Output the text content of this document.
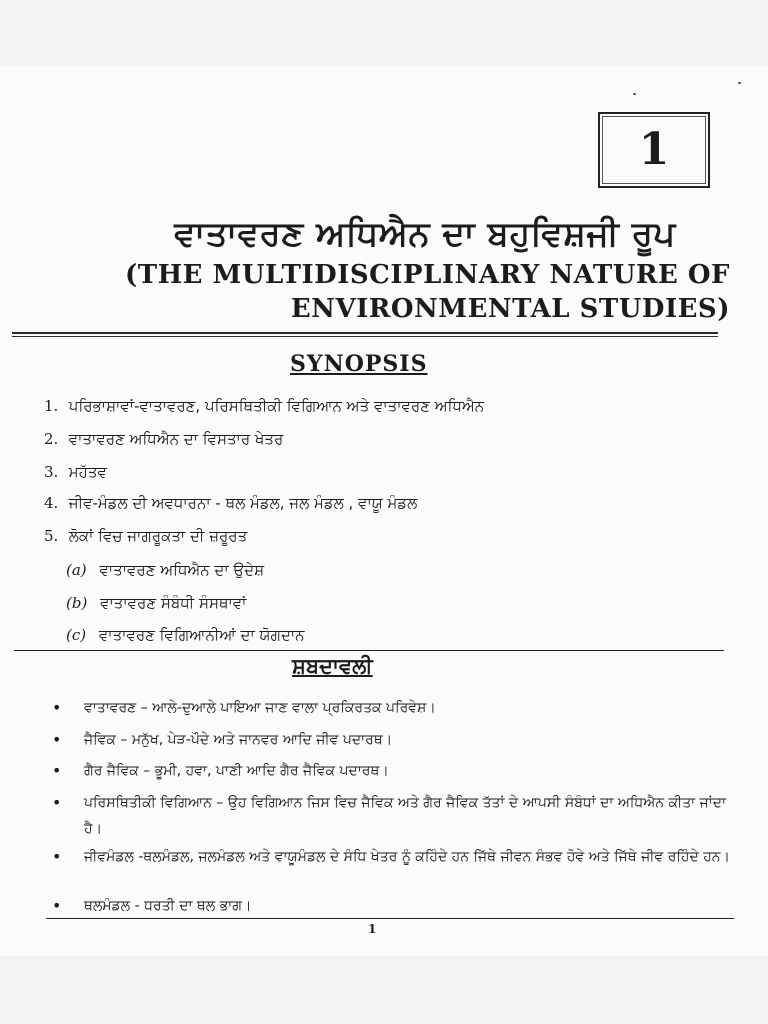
1
ਵਾਤਾਵਰਣ ਅਧਿਐਨ ਦਾ ਬਹੁਵਿਸ਼ਜੀ ਰੂਪ
(THE MULTIDISCIPLINARY NATURE OF
ENVIRONMENTAL STUDIES)
SYNOPSIS
1. ਪਰਿਭਾਸ਼ਾਵਾਂ-ਵਾਤਾਵਰਣ, ਪਰਿਸਥਿਤੀਕੀ ਵਿਗਿਆਨ ਅਤੇ ਵਾਤਾਵਰਣ ਅਧਿਐਨ
2. ਵਾਤਾਵਰਣ ਅਧਿਐਨ ਦਾ ਵਿਸਤਾਰ ਖੇਤਰ
3. ਮਹੱਤਵ
4. ਜੀਵ-ਮੰਡਲ ਦੀ ਅਵਧਾਰਨਾ - ਥਲ ਮੰਡਲ, ਜਲ ਮੰਡਲ , ਵਾਯੂ ਮੰਡਲ
5. ਲੋਕਾਂ ਵਿਚ ਜਾਗਰੂਕਤਾ ਦੀ ਜ਼ਰੂਰਤ
(a) ਵਾਤਾਵਰਣ ਅਧਿਐਨ ਦਾ ਉਦੇਸ਼
(b) ਵਾਤਾਵਰਣ ਸੰਬੰਧੀ ਸੰਸਥਾਵਾਂ
(c) ਵਾਤਾਵਰਣ ਵਿਗਿਆਨੀਆਂ ਦਾ ਯੋਗਦਾਨ
ਸ਼ਬਦਾਵਲੀ
• ਵਾਤਾਵਰਣ – ਆਲੇ-ਦੁਆਲੇ ਪਾਇਆ ਜਾਣ ਵਾਲਾ ਪ੍ਰਕਿਰਤਕ ਪਰਿਵੇਸ਼।
• ਜੈਵਿਕ – ਮਨੁੱਖ, ਪੇੜ-ਪੌਦੇ ਅਤੇ ਜਾਨਵਰ ਆਦਿ ਜੀਵ ਪਦਾਰਥ।
• ਗੈਰ ਜੈਵਿਕ – ਭੂਮੀ, ਹਵਾ, ਪਾਣੀ ਆਦਿ ਗੈਰ ਜੈਵਿਕ ਪਦਾਰਥ।
• ਪਰਿਸਥਿਤੀਕੀ ਵਿਗਿਆਨ – ਉਹ ਵਿਗਿਆਨ ਜਿਸ ਵਿਚ ਜੈਵਿਕ ਅਤੇ ਗੈਰ ਜੈਵਿਕ ਤੱਤਾਂ ਦੇ ਆਪਸੀ ਸੰਬੰਧਾਂ ਦਾ ਅਧਿਐਨ ਕੀਤਾ ਜਾਂਦਾ ਹੈ।
• ਜੀਵਮੰਡਲ -ਥਲਮੰਡਲ, ਜਲਮੰਡਲ ਅਤੇ ਵਾਯੂਮੰਡਲ ਦੇ ਸੰਧਿ ਖੇਤਰ ਨੂੰ ਕਹਿੰਦੇ ਹਨ ਜਿੱਥੇ ਜੀਵਨ ਸੰਭਵ ਹੋਵੇ ਅਤੇ ਜਿੱਥੇ ਜੀਵ ਰਹਿੰਦੇ ਹਨ।
• ਥਲਮੰਡਲ - ਧਰਤੀ ਦਾ ਥਲ ਭਾਗ।
1
